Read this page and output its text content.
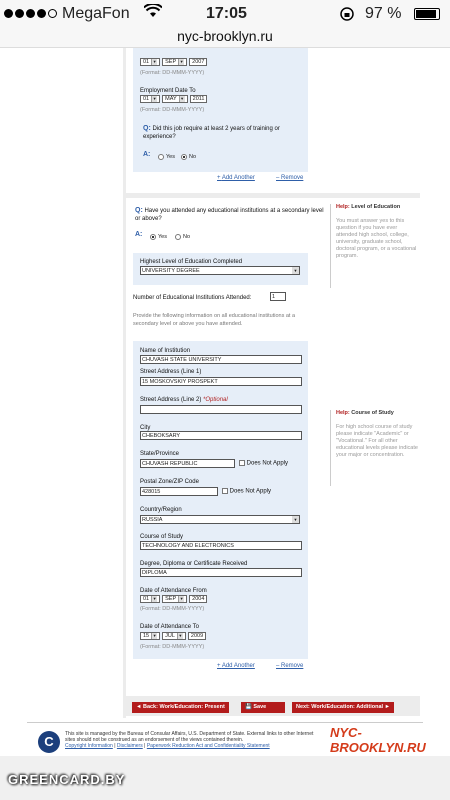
MegaFon	17:05	97 %
nyc-brooklyn.ru
01 ▼ SEP ▼	2007
(Format: DD-MMM-YYYY)
Employment Date To
01 ▼ MAY ▼	2011
(Format: DD-MMM-YYYY)
Q: Did this job require at least 2 years of training or experience?
A:	Yes	No
+ Add Another	‒ Remove
Q: Have you attended any educational institutions at a secondary level or above?
A:	Yes	No
Highest Level of Education Completed
UNIVERSITY DEGREE	▼
Number of Educational Institutions Attended:	1
Provide the following information on all educational institutions at a secondary level or above you have attended.
Name of Institution
CHUVASH STATE UNIVERSITY
Street Address (Line 1)
15 MOSKOVSKIY PROSPEKT
Street Address (Line 2) *Optional
City
CHEBOKSARY
State/Province
CHUVASH REPUBLIC	Does Not Apply
Postal Zone/ZIP Code
428015	Does Not Apply
Country/Region
RUSSIA	▼
Course of Study
TECHNOLOGY AND ELECTRONICS
Degree, Diploma or Certificate Received
DIPLOMA
Date of Attendance From
01 ▼ SEP ▼	2004
(Format: DD-MMM-YYYY)
Date of Attendance To
15 ▼ JUL ▼	2009
(Format: DD-MMM-YYYY)
+ Add Another	‒ Remove
Help: Level of Education
You must answer yes to this question if you have ever attended high school, college, university, graduate school, doctoral program, or a vocational program.
Help: Course of Study
For high school course of study please indicate "Academic" or "Vocational." For all other educational levels please indicate your major or concentration.
◄ Back: Work/Education: Present	💾 Save	Next: Work/Education: Additional ►
C	This site is managed by the Bureau of Consular Affairs, U.S. Department of State. External links to other Internet sites should not be construed as an endorsement of the views contained therein.
Copyright Information | Disclaimers | Paperwork Reduction Act and Confidentiality Statement
NYC-BROOKLYN.RU
GREENCARD.BY
